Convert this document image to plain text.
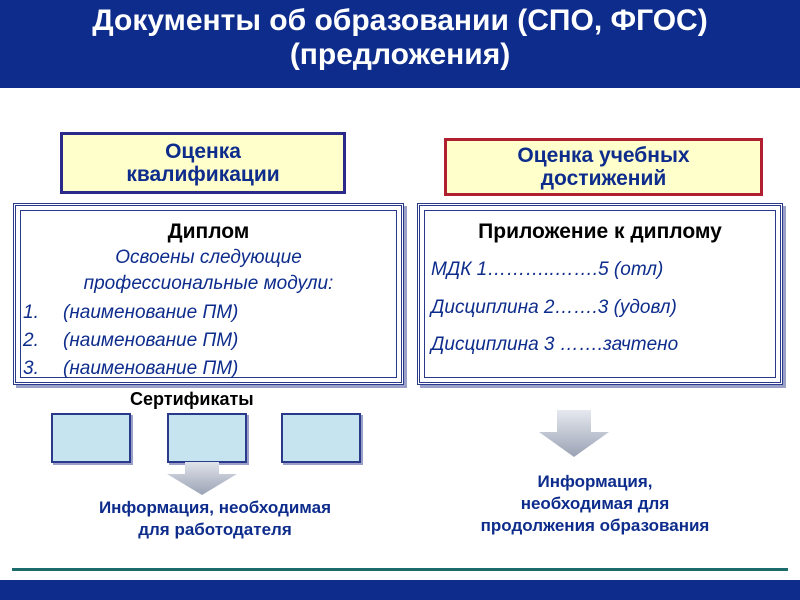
Документы об образовании (СПО, ФГОС)
(предложения)
Оценка
квалификации
Оценка учебных
достижений
Диплом
Освоены следующие
профессиональные модули:
1. (наименование ПМ)
2. (наименование ПМ)
3. (наименование ПМ)
Приложение к диплому
МДК 1………..…….5 (отл)
Дисциплина 2…….3 (удовл)
Дисциплина 3 …….зачтено
Сертификаты
Информация, необходимая
для работодателя
Информация,
необходимая для
продолжения образования
